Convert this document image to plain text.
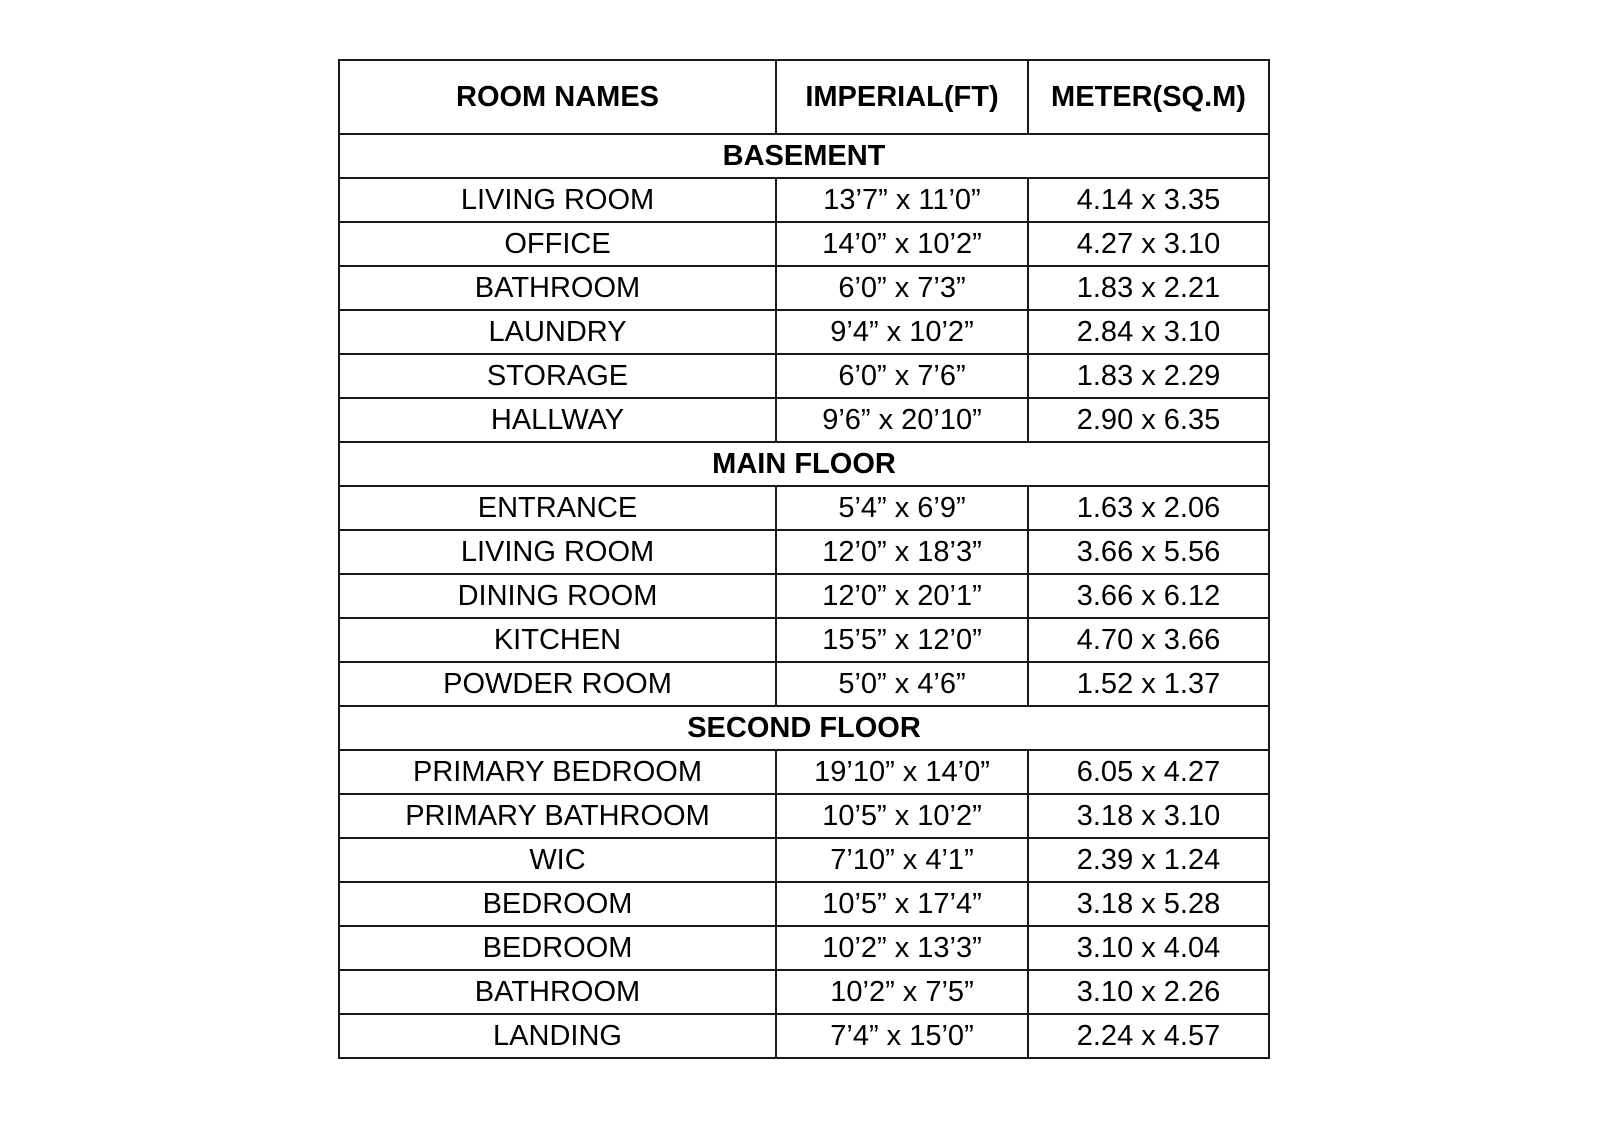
ROOM NAMES	IMPERIAL(FT)	METER(SQ.M)
BASEMENT		
LIVING ROOM	13’7” x 11’0”	4.14 x 3.35
OFFICE	14’0” x 10’2”	4.27 x 3.10
BATHROOM	6’0” x 7’3”	1.83 x 2.21
LAUNDRY	9’4” x 10’2”	2.84 x 3.10
STORAGE	6’0” x 7’6”	1.83 x 2.29
HALLWAY	9’6” x 20’10”	2.90 x 6.35
MAIN FLOOR		
ENTRANCE	5’4” x 6’9”	1.63 x 2.06
LIVING ROOM	12’0” x 18’3”	3.66 x 5.56
DINING ROOM	12’0” x 20’1”	3.66 x 6.12
KITCHEN	15’5” x 12’0”	4.70 x 3.66
POWDER ROOM	5’0” x 4’6”	1.52 x 1.37
SECOND FLOOR		
PRIMARY BEDROOM	19’10” x 14’0”	6.05 x 4.27
PRIMARY BATHROOM	10’5” x 10’2”	3.18 x 3.10
WIC	7’10” x 4’1”	2.39 x 1.24
BEDROOM	10’5” x 17’4”	3.18 x 5.28
BEDROOM	10’2” x 13’3”	3.10 x 4.04
BATHROOM	10’2” x 7’5”	3.10 x 2.26
LANDING	7’4” x 15’0”	2.24 x 4.57
